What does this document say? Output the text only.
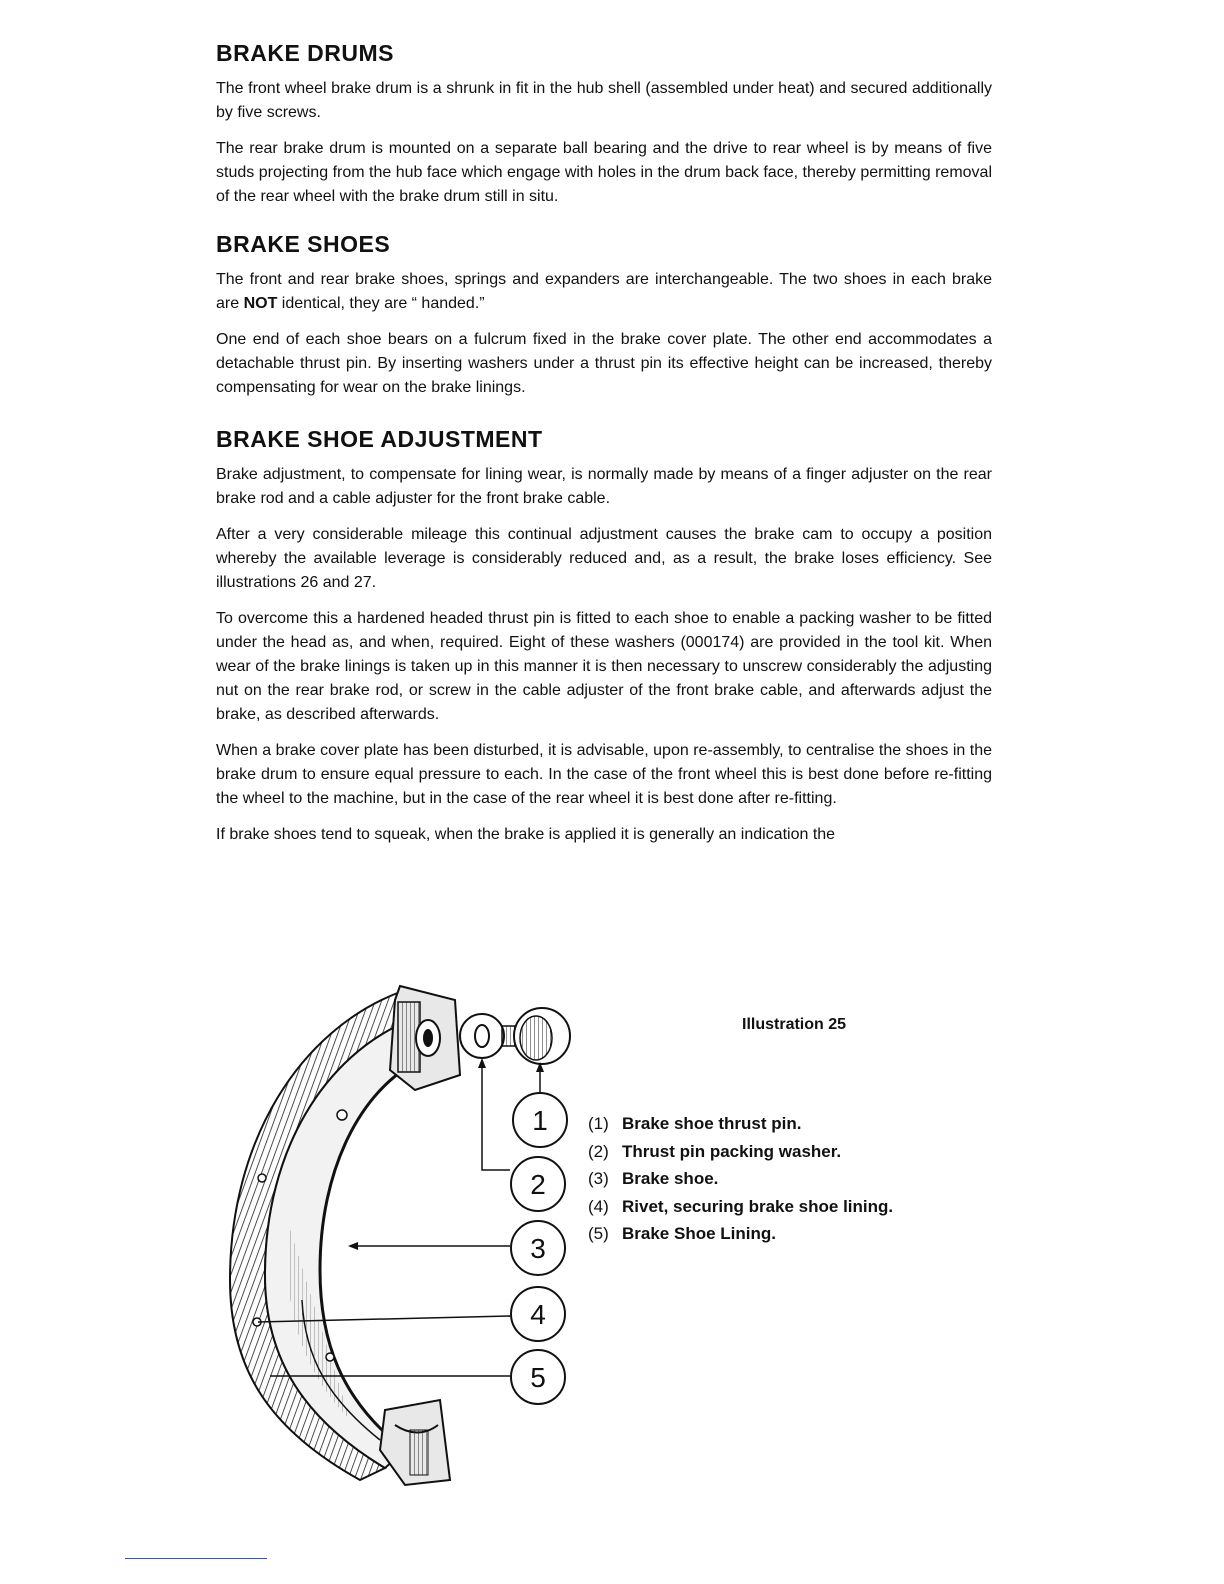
BRAKE DRUMS

The front wheel brake drum is a shrunk in fit in the hub shell (assembled under heat) and secured additionally by five screws.

The rear brake drum is mounted on a separate ball bearing and the drive to rear wheel is by means of five studs projecting from the hub face which engage with holes in the drum back face, thereby permitting removal of the rear wheel with the brake drum still in situ.

BRAKE SHOES

The front and rear brake shoes, springs and expanders are interchangeable. The two shoes in each brake are NOT identical, they are “ handed.”

One end of each shoe bears on a fulcrum fixed in the brake cover plate. The other end accommodates a detachable thrust pin. By inserting washers under a thrust pin its effective height can be increased, thereby compensating for wear on the brake linings.

BRAKE SHOE ADJUSTMENT

Brake adjustment, to compensate for lining wear, is normally made by means of a finger adjuster on the rear brake rod and a cable adjuster for the front brake cable.

After a very considerable mileage this continual adjustment causes the brake cam to occupy a position whereby the available leverage is considerably reduced and, as a result, the brake loses efficiency. See illustrations 26 and 27.

To overcome this a hardened headed thrust pin is fitted to each shoe to enable a packing washer to be fitted under the head as, and when, required. Eight of these washers (000174) are provided in the tool kit. When wear of the brake linings is taken up in this manner it is then necessary to unscrew considerably the adjusting nut on the rear brake rod, or screw in the cable adjuster of the front brake cable, and afterwards adjust the brake, as described afterwards.

When a brake cover plate has been disturbed, it is advisable, upon re-assembly, to centralise the shoes in the brake drum to ensure equal pressure to each. In the case of the front wheel this is best done before re-fitting the wheel to the machine, but in the case of the rear wheel it is best done after re-fitting.

If brake shoes tend to squeak, when the brake is applied it is generally an indication the

1
2
3
4
5
Illustration 25
(1) Brake shoe thrust pin.
(2) Thrust pin packing washer.
(3) Brake shoe.
(4) Rivet, securing brake shoe lining.
(5) Brake Shoe Lining.
